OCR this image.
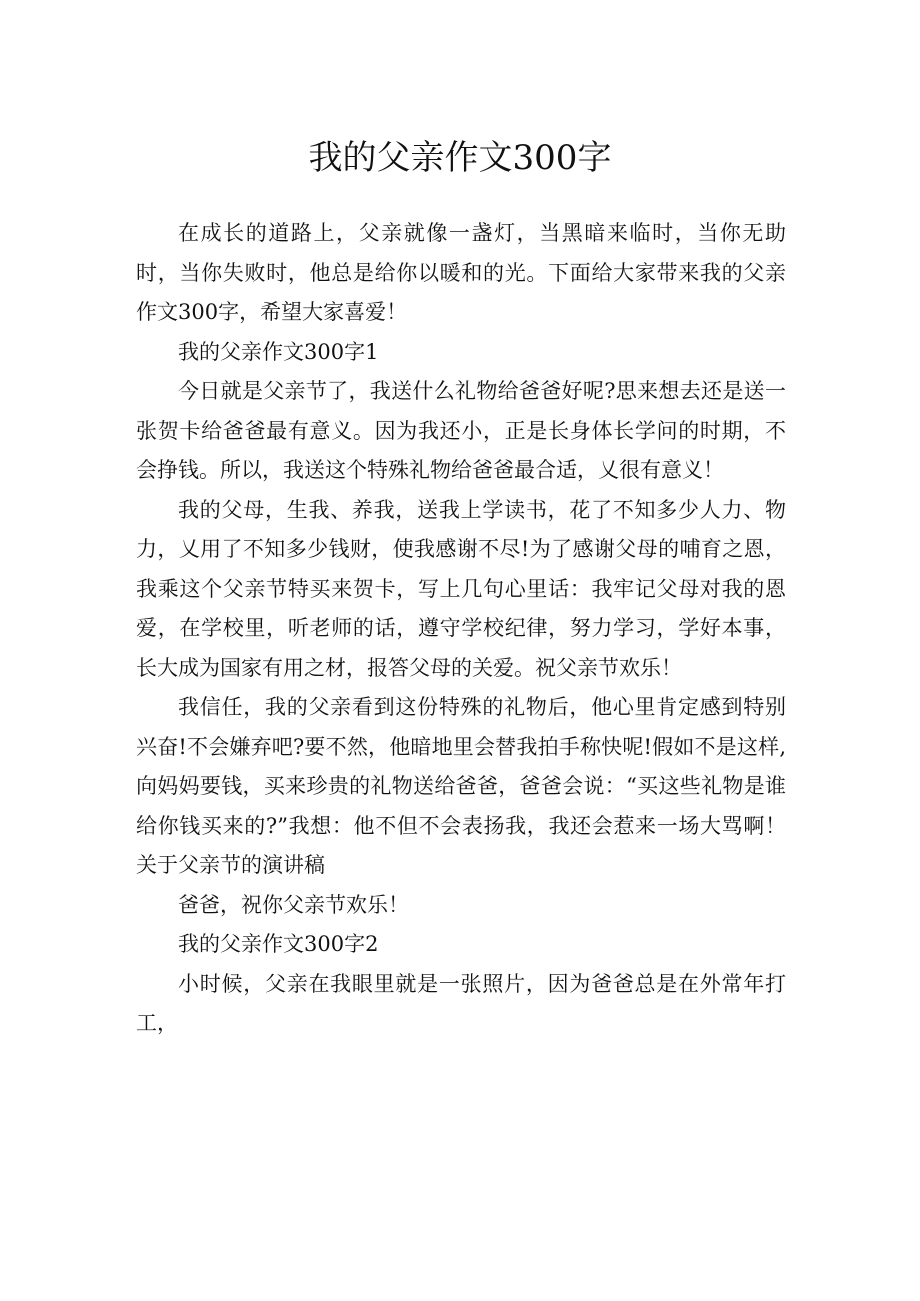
我的父亲作文300字

在成长的道路上，父亲就像一盏灯，当黑暗来临时，当你无助时，当你失败时，他总是给你以暖和的光。下面给大家带来我的父亲作文300字，希望大家喜爱！

我的父亲作文300字1

今日就是父亲节了，我送什么礼物给爸爸好呢?思来想去还是送一张贺卡给爸爸最有意义。因为我还小，正是长身体长学问的时期，不会挣钱。所以，我送这个特殊礼物给爸爸最合适，乂很有意义！

我的父母，生我、养我，送我上学读书，花了不知多少人力、物力，乂用了不知多少钱财，使我感谢不尽!为了感谢父母的哺育之恩，我乘这个父亲节特买来贺卡，写上几句心里话：我牢记父母对我的恩爱，在学校里，听老师的话，遵守学校纪律，努力学习，学好本事，长大成为国家有用之材，报答父母的关爱。祝父亲节欢乐！

我信任，我的父亲看到这份特殊的礼物后，他心里肯定感到特别兴奋!不会嫌弃吧?要不然，他暗地里会替我拍手称快呢!假如不是这样,向妈妈要钱，买来珍贵的礼物送给爸爸，爸爸会说：“买这些礼物是谁给你钱买来的?”我想：他不但不会表扬我，我还会惹来一场大骂啊！关于父亲节的演讲稿

爸爸，祝你父亲节欢乐！

我的父亲作文300字2

小时候，父亲在我眼里就是一张照片，因为爸爸总是在外常年打工，
